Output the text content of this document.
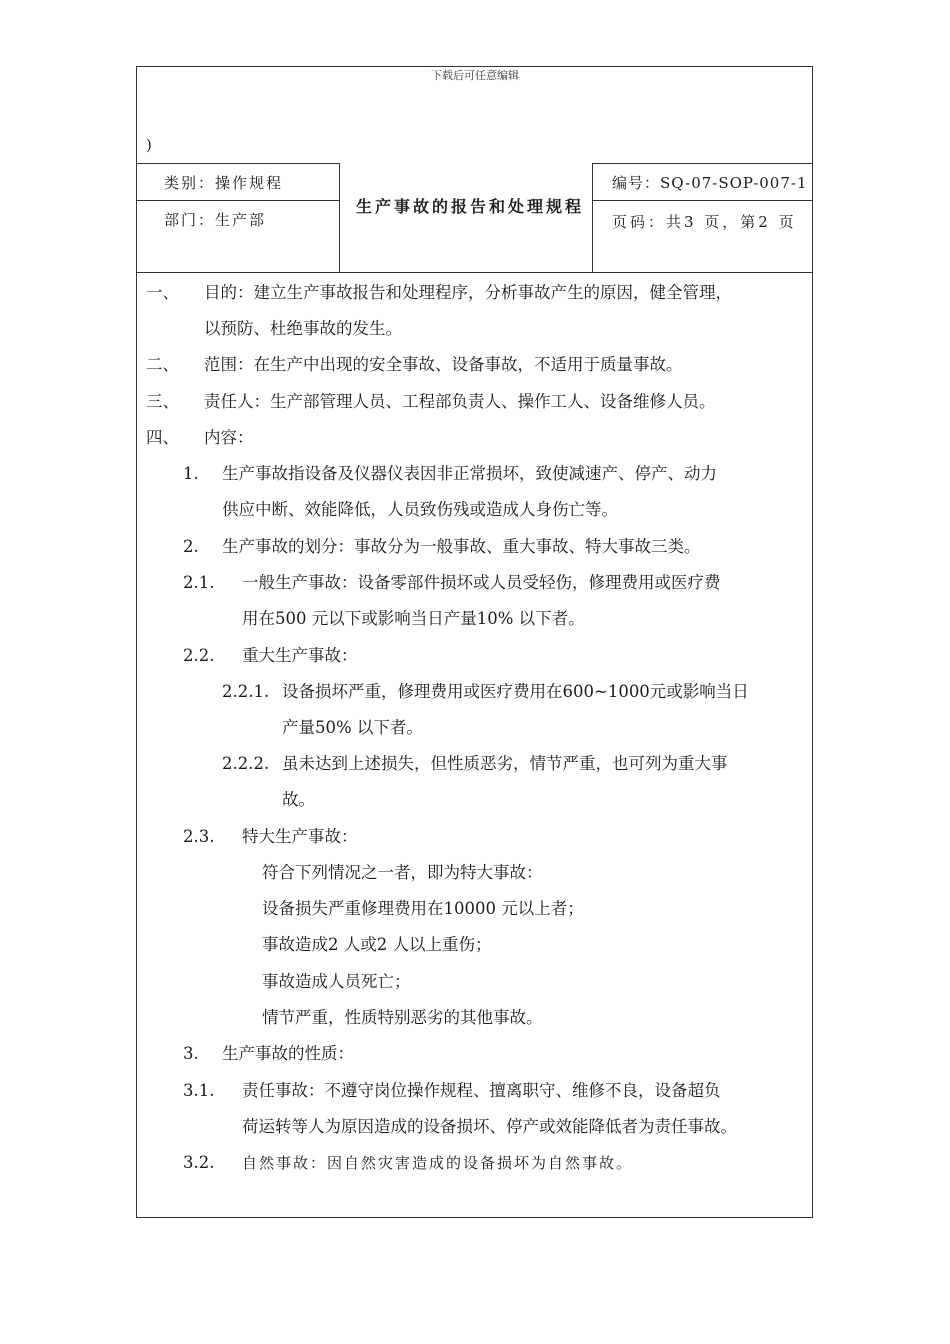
下载后可任意编辑
)
类别：操作规程
部门：生产部
生产事故的报告和处理规程
编号：SQ-07-SOP-007-1
页码：共3 页，第2 页
一、 目的：建立生产事故报告和处理程序，分析事故产生的原因，健全管理，
以预防、杜绝事故的发生。
二、 范围：在生产中出现的安全事故、设备事故，不适用于质量事故。
三、 责任人：生产部管理人员、工程部负责人、操作工人、设备维修人员。
四、 内容：
1. 生产事故指设备及仪器仪表因非正常损坏，致使减速产、停产、动力
供应中断、效能降低，人员致伤残或造成人身伤亡等。
2. 生产事故的划分：事故分为一般事故、重大事故、特大事故三类。
2.1. 一般生产事故：设备零部件损坏或人员受轻伤，修理费用或医疗费
用在500 元以下或影响当日产量10% 以下者。
2.2. 重大生产事故：
2.2.1. 设备损坏严重，修理费用或医疗费用在600~1000元或影响当日
产量50% 以下者。
2.2.2. 虽未达到上述损失，但性质恶劣，情节严重，也可列为重大事
故。
2.3. 特大生产事故：
符合下列情况之一者，即为特大事故：
设备损失严重修理费用在10000 元以上者；
事故造成2 人或2 人以上重伤；
事故造成人员死亡；
情节严重，性质特别恶劣的其他事故。
3. 生产事故的性质：
3.1. 责任事故：不遵守岗位操作规程、擅离职守、维修不良，设备超负
荷运转等人为原因造成的设备损坏、停产或效能降低者为责任事故。
3.2. 自然事故：因自然灾害造成的设备损坏为自然事故。
